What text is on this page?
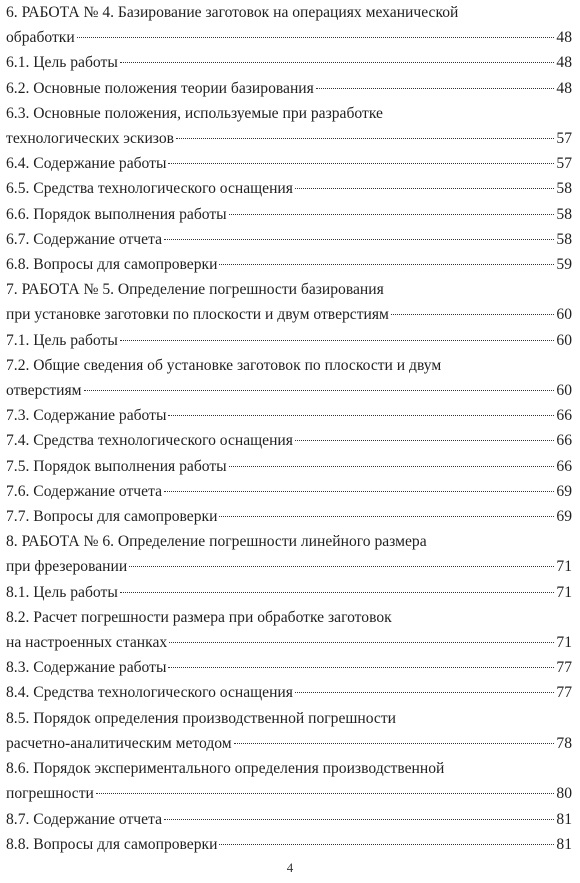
6. РАБОТА № 4. Базирование заготовок на операциях механической
обработки	48
6.1. Цель работы	48
6.2. Основные положения теории базирования	48
6.3. Основные положения, используемые при разработке
технологических эскизов	57
6.4. Содержание работы	57
6.5. Средства технологического оснащения	58
6.6. Порядок выполнения работы	58
6.7. Содержание отчета	58
6.8. Вопросы для самопроверки	59
7. РАБОТА № 5. Определение погрешности базирования
при установке заготовки по плоскости и двум отверстиям	60
7.1. Цель работы	60
7.2. Общие сведения об установке заготовок по плоскости и двум
отверстиям	60
7.3. Содержание работы	66
7.4. Средства технологического оснащения	66
7.5. Порядок выполнения работы	66
7.6. Содержание отчета	69
7.7. Вопросы для самопроверки	69
8. РАБОТА № 6. Определение погрешности линейного размера
при фрезеровании	71
8.1. Цель работы	71
8.2. Расчет погрешности размера при обработке заготовок
на настроенных станках	71
8.3. Содержание работы	77
8.4. Средства технологического оснащения	77
8.5. Порядок определения производственной погрешности
расчетно-аналитическим методом	78
8.6. Порядок экспериментального определения производственной
погрешности	80
8.7. Содержание отчета	81
8.8. Вопросы для самопроверки	81
4
